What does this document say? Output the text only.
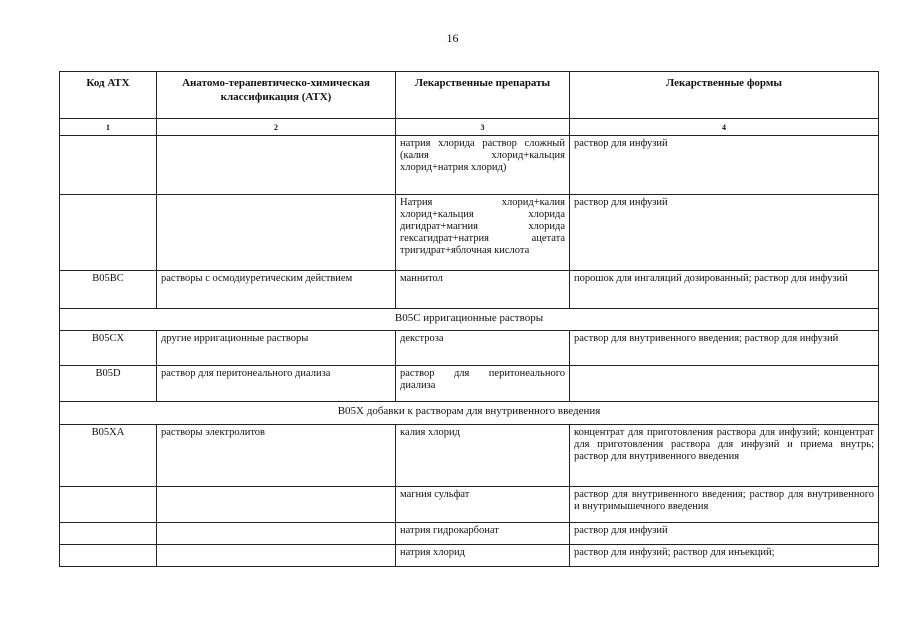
16
Код АТХ	Анатомо-терапевтическо-химическая классификация (АТХ)	Лекарственные препараты	Лекарственные формы
1	2	3	4
		натрия хлорида раствор сложный (калия хлорид+кальция хлорид+натрия хлорид)	раствор для инфузий
		Натрия хлорид+калия хлорид+кальция хлорида дигидрат+магния хлорида гексагидрат+натрия ацетата тригидрат+яблочная кислота	раствор для инфузий
B05BC	растворы с осмодиуретическим действием	маннитол	порошок для ингаляций дозированный; раствор для инфузий
B05C ирригационные растворы			
B05CX	другие ирригационные растворы	декстроза	раствор для внутривенного введения; раствор для инфузий
B05D	раствор для перитонеального диализа	раствор для перитонеального диализа	
B05X добавки к растворам для внутривенного введения			
B05XA	растворы электролитов	калия хлорид	концентрат для приготовления раствора для инфузий; концентрат для приготовления раствора для инфузий и приема внутрь; раствор для внутривенного введения
		магния сульфат	раствор для внутривенного введения; раствор для внутривенного и внутримышечного введения
		натрия гидрокарбонат	раствор для инфузий
		натрия хлорид	раствор для инфузий; раствор для инъекций;
